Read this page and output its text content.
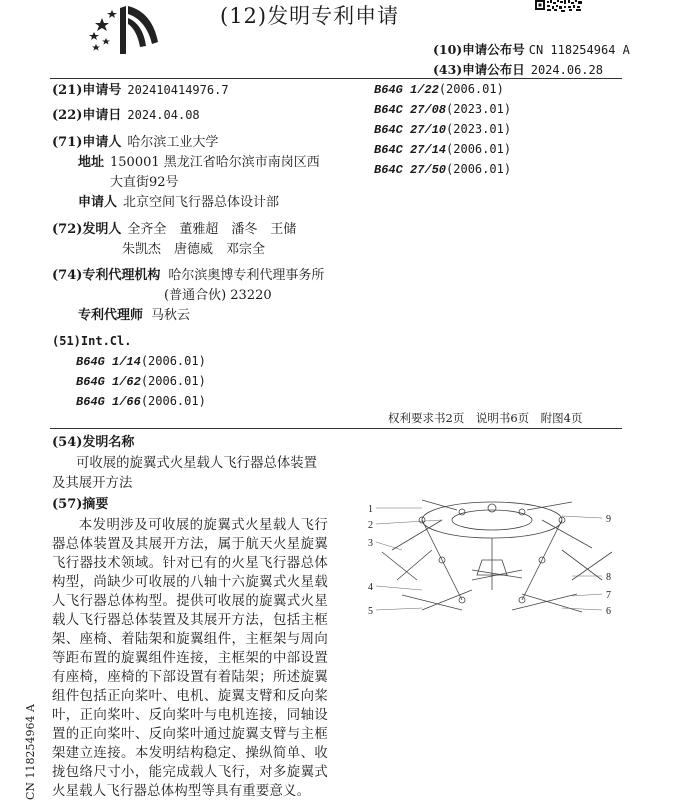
(12)发明专利申请
(10)申请公布号 CN 118254964 A
(43)申请公布日 2024.06.28
(21)申请号 202410414976.7
(22)申请日 2024.04.08
(71)申请人 哈尔滨工业大学
地址 150001 黑龙江省哈尔滨市南岗区西
大直街92号
申请人 北京空间飞行器总体设计部
(72)发明人 全齐全　董雅超　潘冬　王储
朱凯杰　唐德威　邓宗全
(74)专利代理机构 哈尔滨奥博专利代理事务所
(普通合伙) 23220
专利代理师 马秋云
(51)Int.Cl.
B64G 1/14(2006.01)
B64G 1/62(2006.01)
B64G 1/66(2006.01)
B64G 1/22(2006.01)
B64C 27/08(2023.01)
B64C 27/10(2023.01)
B64C 27/14(2006.01)
B64C 27/50(2006.01)
权利要求书2页　说明书6页　附图4页
(54)发明名称
可收展的旋翼式火星载人飞行器总体装置
及其展开方法
(57)摘要
本发明涉及可收展的旋翼式火星载人飞行器总体装置及其展开方法，属于航天火星旋翼飞行器技术领域。针对已有的火星飞行器总体构型，尚缺少可收展的八轴十六旋翼式火星载人飞行器总体构型。提供可收展的旋翼式火星载人飞行器总体装置及其展开方法，包括主框架、座椅、着陆架和旋翼组件，主框架与周向等距布置的旋翼组件连接，主框架的中部设置有座椅，座椅的下部设置有着陆架；所述旋翼组件包括正向桨叶、电机、旋翼支臂和反向桨叶，正向桨叶、反向桨叶与电机连接，同轴设置的正向桨叶、反向桨叶通过旋翼支臂与主框架建立连接。本发明结构稳定、操纵简单、收拢包络尺寸小，能完成载人飞行，对多旋翼式火星载人飞行器总体构型等具有重要意义。
CN 118254964 A
1
2
3
4
5
9
8
7
6
